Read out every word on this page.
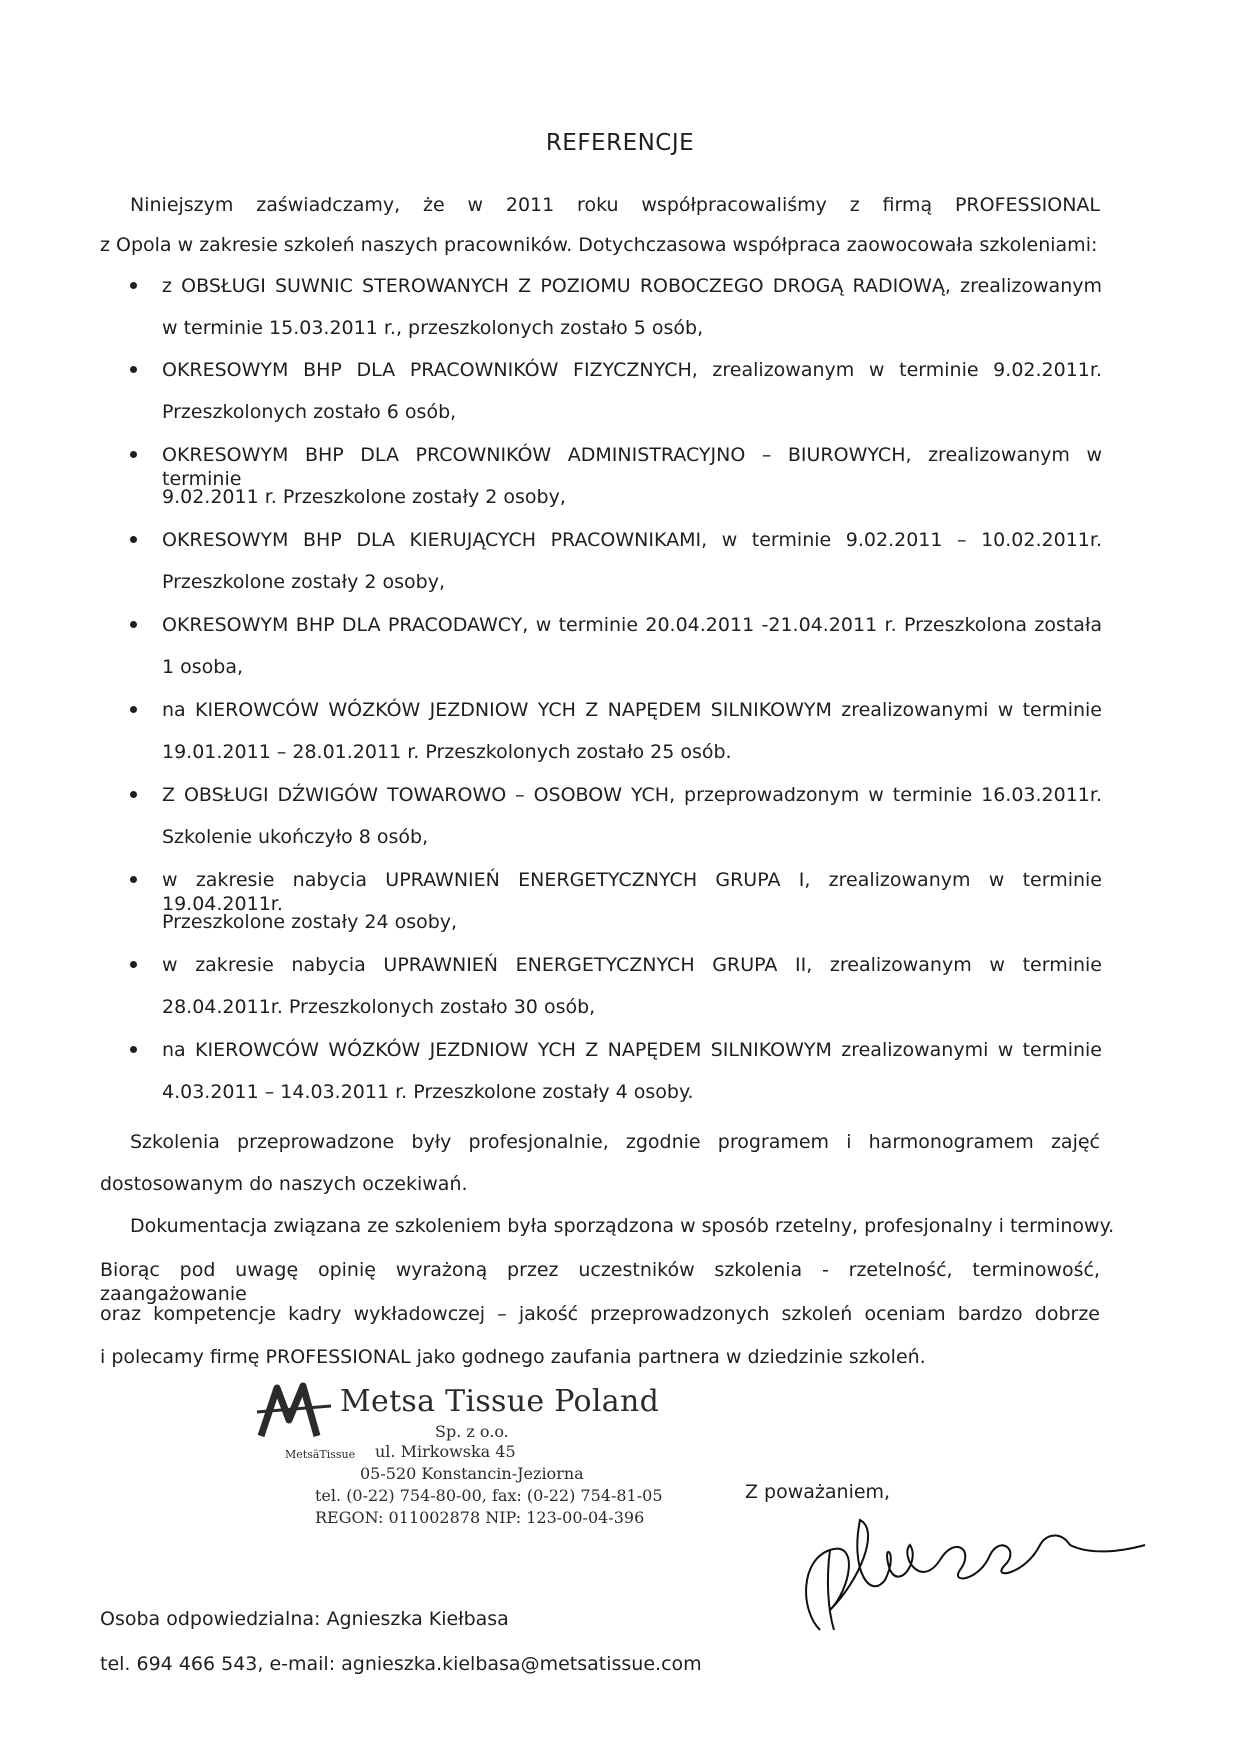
REFERENCJE
Niniejszym zaświadczamy, że w 2011 roku współpracowaliśmy z firmą PROFESSIONAL
z Opola w zakresie szkoleń naszych pracowników. Dotychczasowa współpraca zaowocowała szkoleniami:
z OBSŁUGI SUWNIC STEROWANYCH Z POZIOMU ROBOCZEGO DROGĄ RADIOWĄ, zrealizowanym
w terminie 15.03.2011 r., przeszkolonych zostało 5 osób,
OKRESOWYM BHP DLA PRACOWNIKÓW FIZYCZNYCH, zrealizowanym w terminie 9.02.2011r.
Przeszkolonych zostało 6 osób,
OKRESOWYM BHP DLA PRCOWNIKÓW ADMINISTRACYJNO – BIUROWYCH, zrealizowanym w terminie
9.02.2011 r. Przeszkolone zostały 2 osoby,
OKRESOWYM BHP DLA KIERUJĄCYCH PRACOWNIKAMI, w terminie 9.02.2011 – 10.02.2011r.
Przeszkolone zostały 2 osoby,
OKRESOWYM BHP DLA PRACODAWCY, w terminie 20.04.2011 -21.04.2011 r. Przeszkolona została
1 osoba,
na KIEROWCÓW WÓZKÓW JEZDNIOW YCH Z NAPĘDEM SILNIKOWYM zrealizowanymi w terminie
19.01.2011 – 28.01.2011 r. Przeszkolonych zostało 25 osób.
Z OBSŁUGI DŹWIGÓW TOWAROWO – OSOBOW YCH, przeprowadzonym w terminie 16.03.2011r.
Szkolenie ukończyło 8 osób,
w zakresie nabycia UPRAWNIEŃ ENERGETYCZNYCH GRUPA I, zrealizowanym w terminie 19.04.2011r.
Przeszkolone zostały 24 osoby,
w zakresie nabycia UPRAWNIEŃ ENERGETYCZNYCH GRUPA II, zrealizowanym w terminie
28.04.2011r. Przeszkolonych zostało 30 osób,
na KIEROWCÓW WÓZKÓW JEZDNIOW YCH Z NAPĘDEM SILNIKOWYM zrealizowanymi w terminie
4.03.2011 – 14.03.2011 r. Przeszkolone zostały 4 osoby.
Szkolenia przeprowadzone były profesjonalnie, zgodnie programem i harmonogramem zajęć
dostosowanym do naszych oczekiwań.
Dokumentacja związana ze szkoleniem była sporządzona w sposób rzetelny, profesjonalny i terminowy.
Biorąc pod uwagę opinię wyrażoną przez uczestników szkolenia - rzetelność, terminowość, zaangażowanie
oraz kompetencje kadry wykładowczej – jakość przeprowadzonych szkoleń oceniam bardzo dobrze
i polecamy firmę PROFESSIONAL jako godnego zaufania partnera w dziedzinie szkoleń.
Metsa Tissue Poland
Sp. z o.o.
MetsäTissue ul. Mirkowska 45
05-520 Konstancin-Jeziorna
tel. (0-22) 754-80-00, fax: (0-22) 754-81-05
REGON: 011002878 NIP: 123-00-04-396
Z poważaniem,
Osoba odpowiedzialna: Agnieszka Kiełbasa
tel. 694 466 543, e-mail: agnieszka.kielbasa@metsatissue.com
